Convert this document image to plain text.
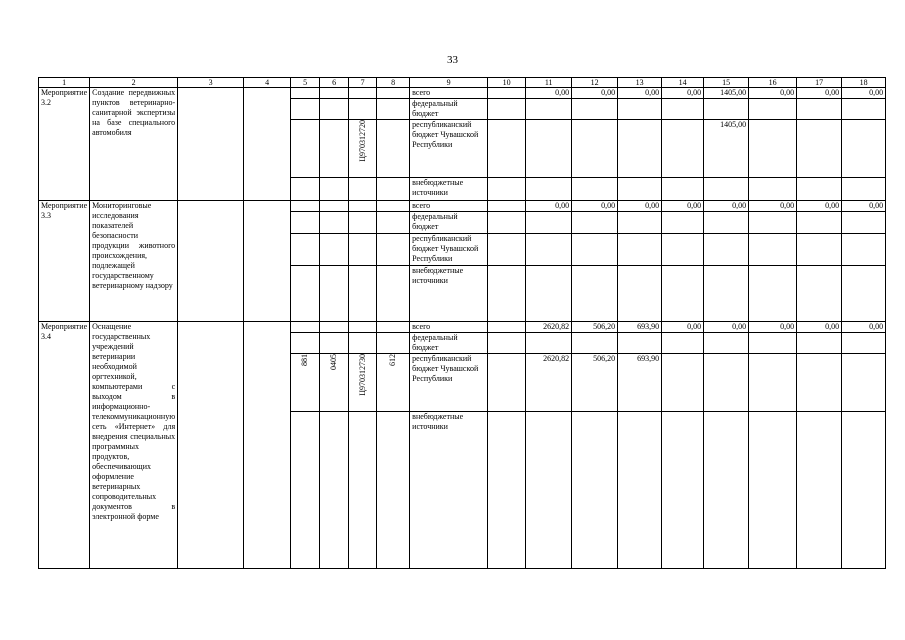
33
1	2	3	4	5	6	7	8	9	10	11	12	13	14	15	16	17	18
Мероприятие 3.2	Создание передвижных пунктов ветеринарно-санитарной экспертизы на базе специального автомобиля							всего		0,00	0,00	0,00	0,00	1405,00	0,00	0,00	0,00
								федеральный бюджет									
						Ц970312720		республиканский бюджет Чувашской Республики						1405,00			
								внебюджетные источники									
Мероприятие 3.3	Мониторинговые исследования показателей безопасности продукции животного происхождения, подлежащей государственному ветеринарному надзору							всего		0,00	0,00	0,00	0,00	0,00	0,00	0,00	0,00
								федеральный бюджет									
								республиканский бюджет Чувашской Республики									
								внебюджетные источники									
Мероприятие 3.4	Оснащение государственных учреждений ветеринарии необходимой оргтехникой, компьютерами с выходом в информационно-телекоммуникационную сеть «Интернет» для внедрения специальных программных продуктов, обеспечивающих оформление ветеринарных сопроводительных документов в электронной форме							всего		2620,82	506,20	693,90	0,00	0,00	0,00	0,00	0,00
								федеральный бюджет									
				881	0405	Ц970312730	612	республиканский бюджет Чувашской Республики		2620,82	506,20	693,90					
								внебюджетные источники									
